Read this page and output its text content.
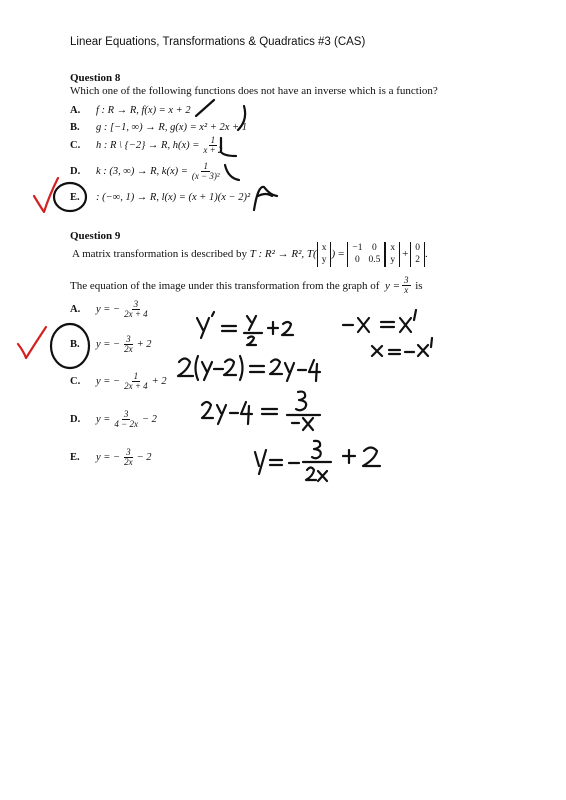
Linear Equations, Transformations & Quadratics #3 (CAS)
Question 8
Which one of the following functions does not have an inverse which is a function?
A.	f : R → R, f(x) = x + 2
B.	g : [−1, ∞) → R, g(x) = x² + 2x + 1
C.	h : R \ {−2} → R, $h(x) = \frac{1}{x + 2}$
D.	k : (3, ∞) → R, $k(x) = \frac{1}{\text{(x − 3)²}}$
E.	: (−∞, 1) → R, l(x) = (x + 1)(x − 2)²
Question 9
A matrix transformation is described by
T : R² → R², T (
x
y ) =
−1	0
0 0.5
x
y +
0
2 .
The equation of the image under this transformation from the graph of
$y = \frac{3}{x}$
is
A.	y = − $\frac{3}{2x + 4}$
B.	y = − $\frac{3}{2x} + 2$
C.	y = − $\frac{1}{2x + 4} + 2$
D.	$y = \frac{3}{4 - 2x} - 2$
E.	y = − $\frac{3}{2x} - 2$
